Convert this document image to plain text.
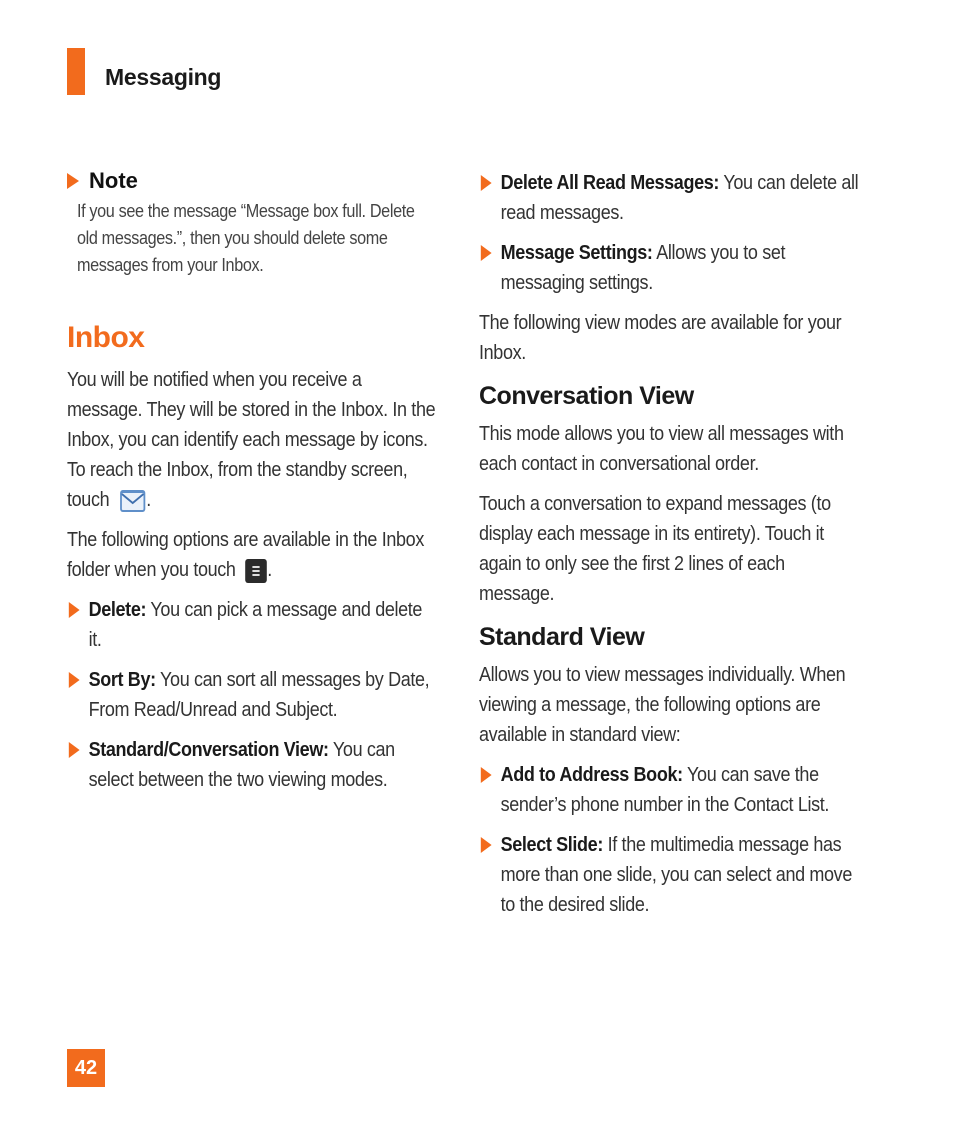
Messaging
Note
If you see the message “Message box full. Delete old messages.”, then you should delete some messages from your Inbox.
Inbox

You will be notified when you receive a message. They will be stored in the Inbox. In the Inbox, you can identify each message by icons. To reach the Inbox, from the standby screen, touch .

The following options are available in the Inbox folder when you touch .

Delete: You can pick a message and delete it.
Sort By: You can sort all messages by Date, From Read/Unread and Subject.
Standard/Conversation View: You can select between the two viewing modes.
Delete All Read Messages: You can delete all read messages.
Message Settings: Allows you to set messaging settings.

The following view modes are available for your Inbox.

Conversation View

This mode allows you to view all messages with each contact in conversational order.

Touch a conversation to expand messages (to display each message in its entirety). Touch it again to only see the first 2 lines of each message.

Standard View

Allows you to view messages individually. When viewing a message, the following options are available in standard view:

Add to Address Book: You can save the sender’s phone number in the Contact List.
Select Slide: If the multimedia message has more than one slide, you can select and move to the desired slide.
42
